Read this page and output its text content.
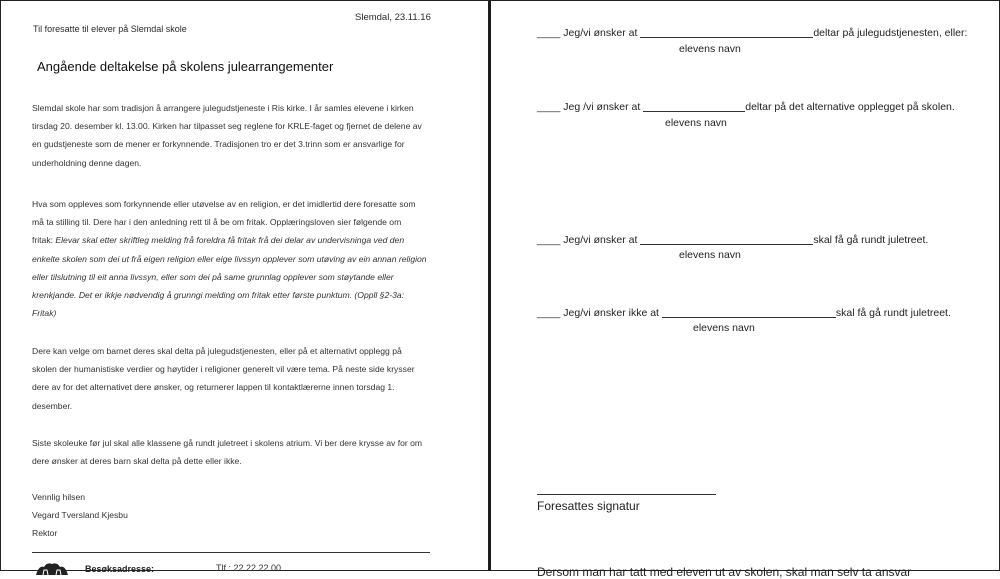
Til foresatte til elever på Slemdal skole
Slemdal, 23.11.16
Angående deltakelse på skolens julearrangementer
Slemdal skole har som tradisjon å arrangere julegudstjeneste i Ris kirke. I år samles elevene i kirken
tirsdag 20. desember kl. 13.00. Kirken har tilpasset seg reglene for KRLE-faget og fjernet de delene av
en gudstjeneste som de mener er forkynnende. Tradisjonen tro er det 3.trinn som er ansvarlige for
underholdning denne dagen.
Hva som oppleves som forkynnende eller utøvelse av en religion, er det imidlertid dere foresatte som
må ta stilling til. Dere har i den anledning rett til å be om fritak. Opplæringsloven sier følgende om
fritak: Elevar skal etter skriftleg melding frå foreldra få fritak frå dei delar av undervisninga ved den
enkelte skolen som dei ut frå eigen religion eller eige livssyn opplever som utøving av ein annan religion
eller tilslutning til eit anna livssyn, eller som dei på same grunnlag opplever som støytande eller
krenkjande. Det er ikkje nødvendig å grunngi melding om fritak etter første punktum. (Oppll §2-3a:
Fritak)
Dere kan velge om barnet deres skal delta på julegudstjenesten, eller på et alternativt opplegg på
skolen der humanistiske verdier og høytider i religioner generelt vil være tema. På neste side krysser
dere av for det alternativet dere ønsker, og returnerer lappen til kontaktlærerne innen torsdag 1.
desember.
Siste skoleuke før jul skal alle klassene gå rundt juletreet i skolens atrium. Vi ber dere krysse av for om
dere ønsker at deres barn skal delta på dette eller ikke.
Vennlig hilsen
Vegard Tversland Kjesbu
Rektor
Besøksadresse:	Tlf.: 22 22 22 00
____ Jeg/vi ønsker at	deltar på julegudstjenesten, eller:
elevens navn
____ Jeg /vi ønsker at	deltar på det alternative opplegget på skolen.
elevens navn
____ Jeg/vi ønsker at	skal få gå rundt juletreet.
elevens navn
____ Jeg/vi ønsker ikke at	skal få gå rundt juletreet.
elevens navn
Foresattes signatur
Dersom man har tatt med eleven ut av skolen, skal man selv ta ansvar
